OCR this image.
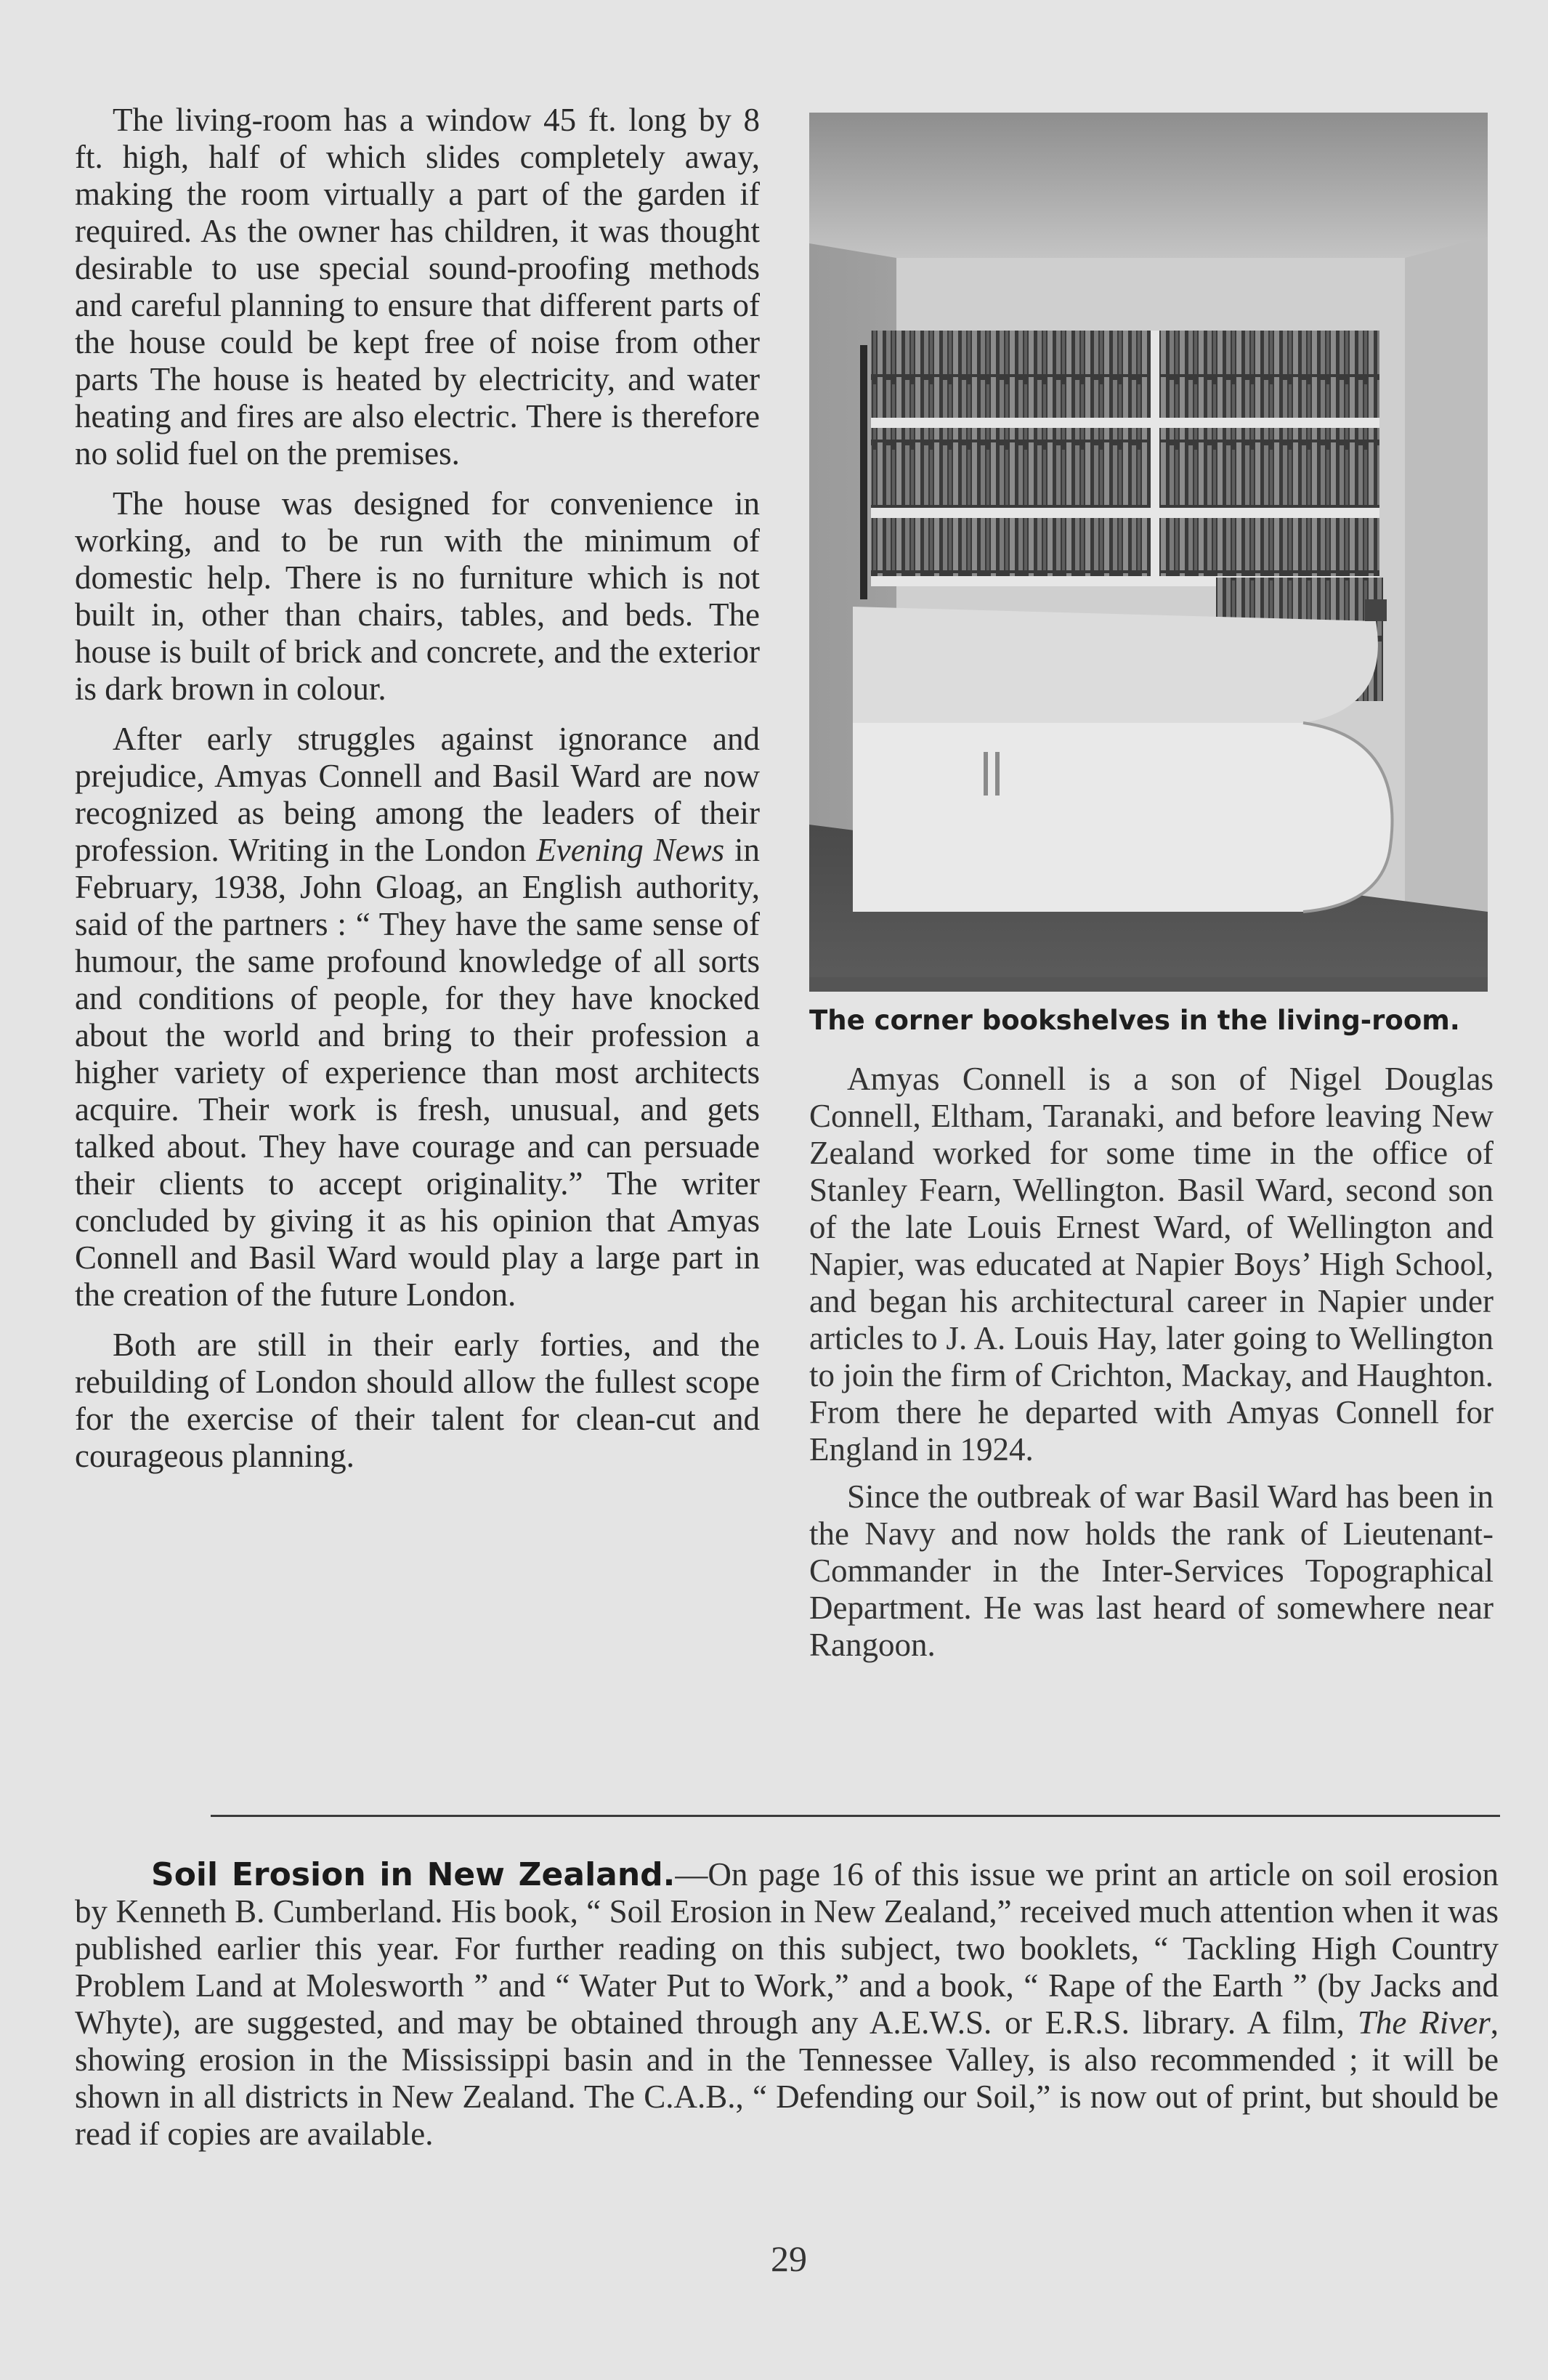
The living-room has a window 45 ft. long by 8 ft. high, half of which slides completely away, making the room virtually a part of the garden if required. As the owner has children, it was thought desirable to use special sound-proofing methods and careful planning to ensure that different parts of the house could be kept free of noise from other parts The house is heated by electricity, and water heating and fires are also electric. There is therefore no solid fuel on the premises.

The house was designed for convenience in working, and to be run with the minimum of domestic help. There is no furniture which is not built in, other than chairs, tables, and beds. The house is built of brick and concrete, and the exterior is dark brown in colour.

After early struggles against ignorance and prejudice, Amyas Connell and Basil Ward are now recognized as being among the leaders of their profession. Writing in the London Evening News in February, 1938, John Gloag, an English authority, said of the partners : “ They have the same sense of humour, the same profound knowledge of all sorts and conditions of people, for they have knocked about the world and bring to their profession a higher variety of experience than most architects acquire. Their work is fresh, unusual, and gets talked about. They have courage and can persuade their clients to accept originality.” The writer concluded by giving it as his opinion that Amyas Connell and Basil Ward would play a large part in the creation of the future London.

Both are still in their early forties, and the rebuilding of London should allow the fullest scope for the exercise of their talent for clean-cut and courageous planning.

The corner bookshelves in the living-room.

Amyas Connell is a son of Nigel Douglas Connell, Eltham, Taranaki, and before leaving New Zealand worked for some time in the office of Stanley Fearn, Wellington. Basil Ward, second son of the late Louis Ernest Ward, of Wellington and Napier, was educated at Napier Boys’ High School, and began his architectural career in Napier under articles to J. A. Louis Hay, later going to Wellington to join the firm of Crichton, Mackay, and Haughton. From there he departed with Amyas Connell for England in 1924.

Since the outbreak of war Basil Ward has been in the Navy and now holds the rank of Lieutenant-Commander in the Inter-Services Topographical Department. He was last heard of somewhere near Rangoon.

Soil Erosion in New Zealand.—On page 16 of this issue we print an article on soil erosion by Kenneth B. Cumberland. His book, “ Soil Erosion in New Zealand,” received much attention when it was published earlier this year. For further reading on this subject, two booklets, “ Tackling High Country Problem Land at Molesworth ” and “ Water Put to Work,” and a book, “ Rape of the Earth ” (by Jacks and Whyte), are suggested, and may be obtained through any A.E.W.S. or E.R.S. library. A film, The River, showing erosion in the Mississippi basin and in the Tennessee Valley, is also recommended ; it will be shown in all districts in New Zealand. The C.A.B., “ Defending our Soil,” is now out of print, but should be read if copies are available.
29
